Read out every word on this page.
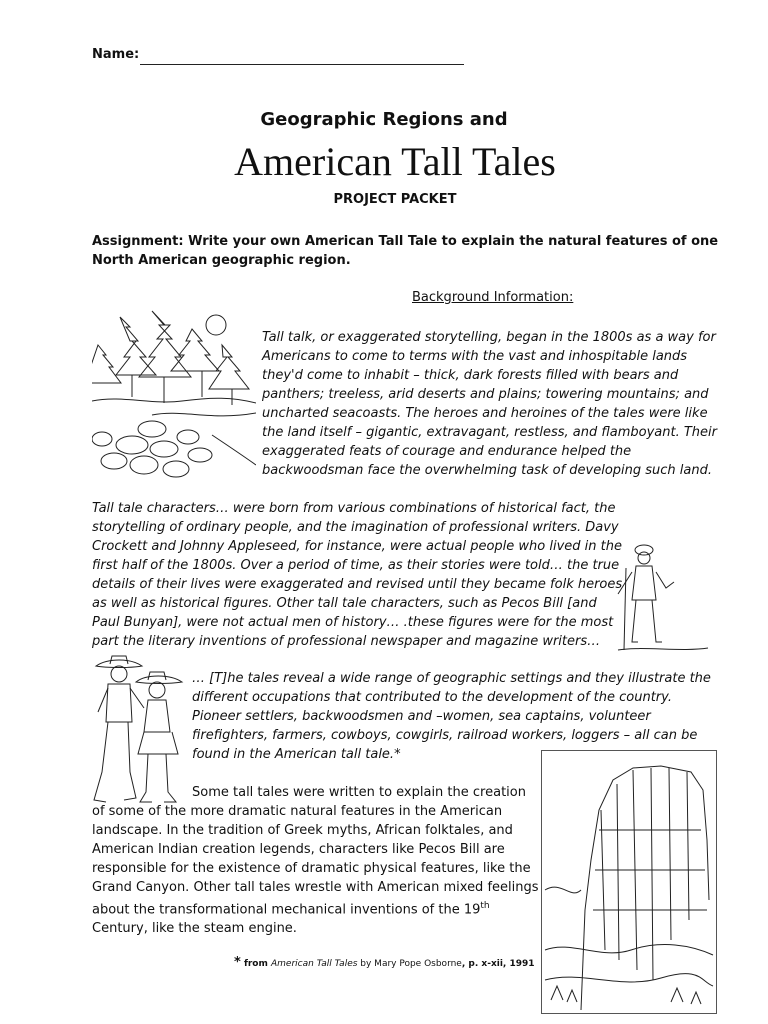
Name:
Geographic Regions and
American Tall Tales
PROJECT PACKET
Assignment: Write your own American Tall Tale to explain the natural features of one North American geographic region.
Background Information:
Tall talk, or exaggerated storytelling, began in the 1800s as a way for Americans to come to terms with the vast and inhospitable lands they'd come to inhabit – thick, dark forests filled with bears and panthers; treeless, arid deserts and plains; towering mountains; and uncharted seacoasts. The heroes and heroines of the tales were like the land itself – gigantic, extravagant, restless, and flamboyant. Their exaggerated feats of courage and endurance helped the backwoodsman face the overwhelming task of developing such land.
Tall tale characters… were born from various combinations of historical fact, the storytelling of ordinary people, and the imagination of professional writers. Davy Crockett and Johnny Appleseed, for instance, were actual people who lived in the first half of the 1800s. Over a period of time, as their stories were told… the true details of their lives were exaggerated and revised until they became folk heroes as well as historical figures. Other tall tale characters, such as Pecos Bill [and Paul Bunyan], were not actual men of history… .these figures were for the most part the literary inventions of professional newspaper and magazine writers…
… [T]he tales reveal a wide range of geographic settings and they illustrate the different occupations that contributed to the development of the country. Pioneer settlers, backwoodsmen and –women, sea captains, volunteer firefighters, farmers, cowboys, cowgirls, railroad workers, loggers – all can be found in the American tall tale.*
Some tall tales were written to explain the creation of some of the more dramatic natural features in the American landscape. In the tradition of Greek myths, African folktales, and American Indian creation legends, characters like Pecos Bill are responsible for the existence of dramatic physical features, like the Grand Canyon. Other tall tales wrestle with American mixed feelings about the transformational mechanical inventions of the 19th Century, like the steam engine.
* from American Tall Tales by Mary Pope Osborne, p. x-xii, 1991
